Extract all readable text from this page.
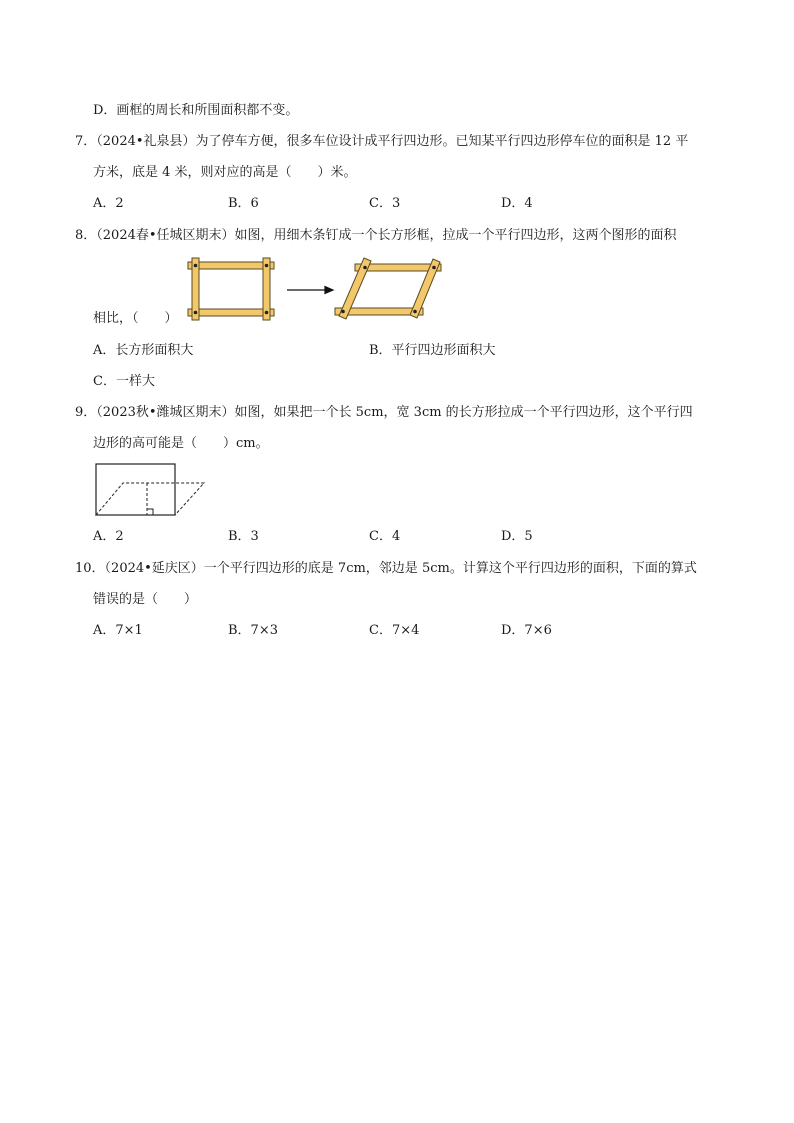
D．画框的周长和所围面积都不变。
7．（2024•礼泉县）为了停车方便，很多车位设计成平行四边形。已知某平行四边形停车位的面积是 12 平
方米，底是 4 米，则对应的高是（　　）米。
A．2	B．6	C．3	D．4
8．（2024春•任城区期末）如图，用细木条钉成一个长方形框，拉成一个平行四边形，这两个图形的面积
相比，（　　）
A．长方形面积大	B．平行四边形面积大
C．一样大
9．（2023秋•潍城区期末）如图，如果把一个长 5cm，宽 3cm 的长方形拉成一个平行四边形，这个平行四
边形的高可能是（　　）cm。
A．2	B．3	C．4	D．5
10．（2024•延庆区）一个平行四边形的底是 7cm，邻边是 5cm。计算这个平行四边形的面积，下面的算式
错误的是（　　）
A．7×1	B．7×3	C．7×4	D．7×6
